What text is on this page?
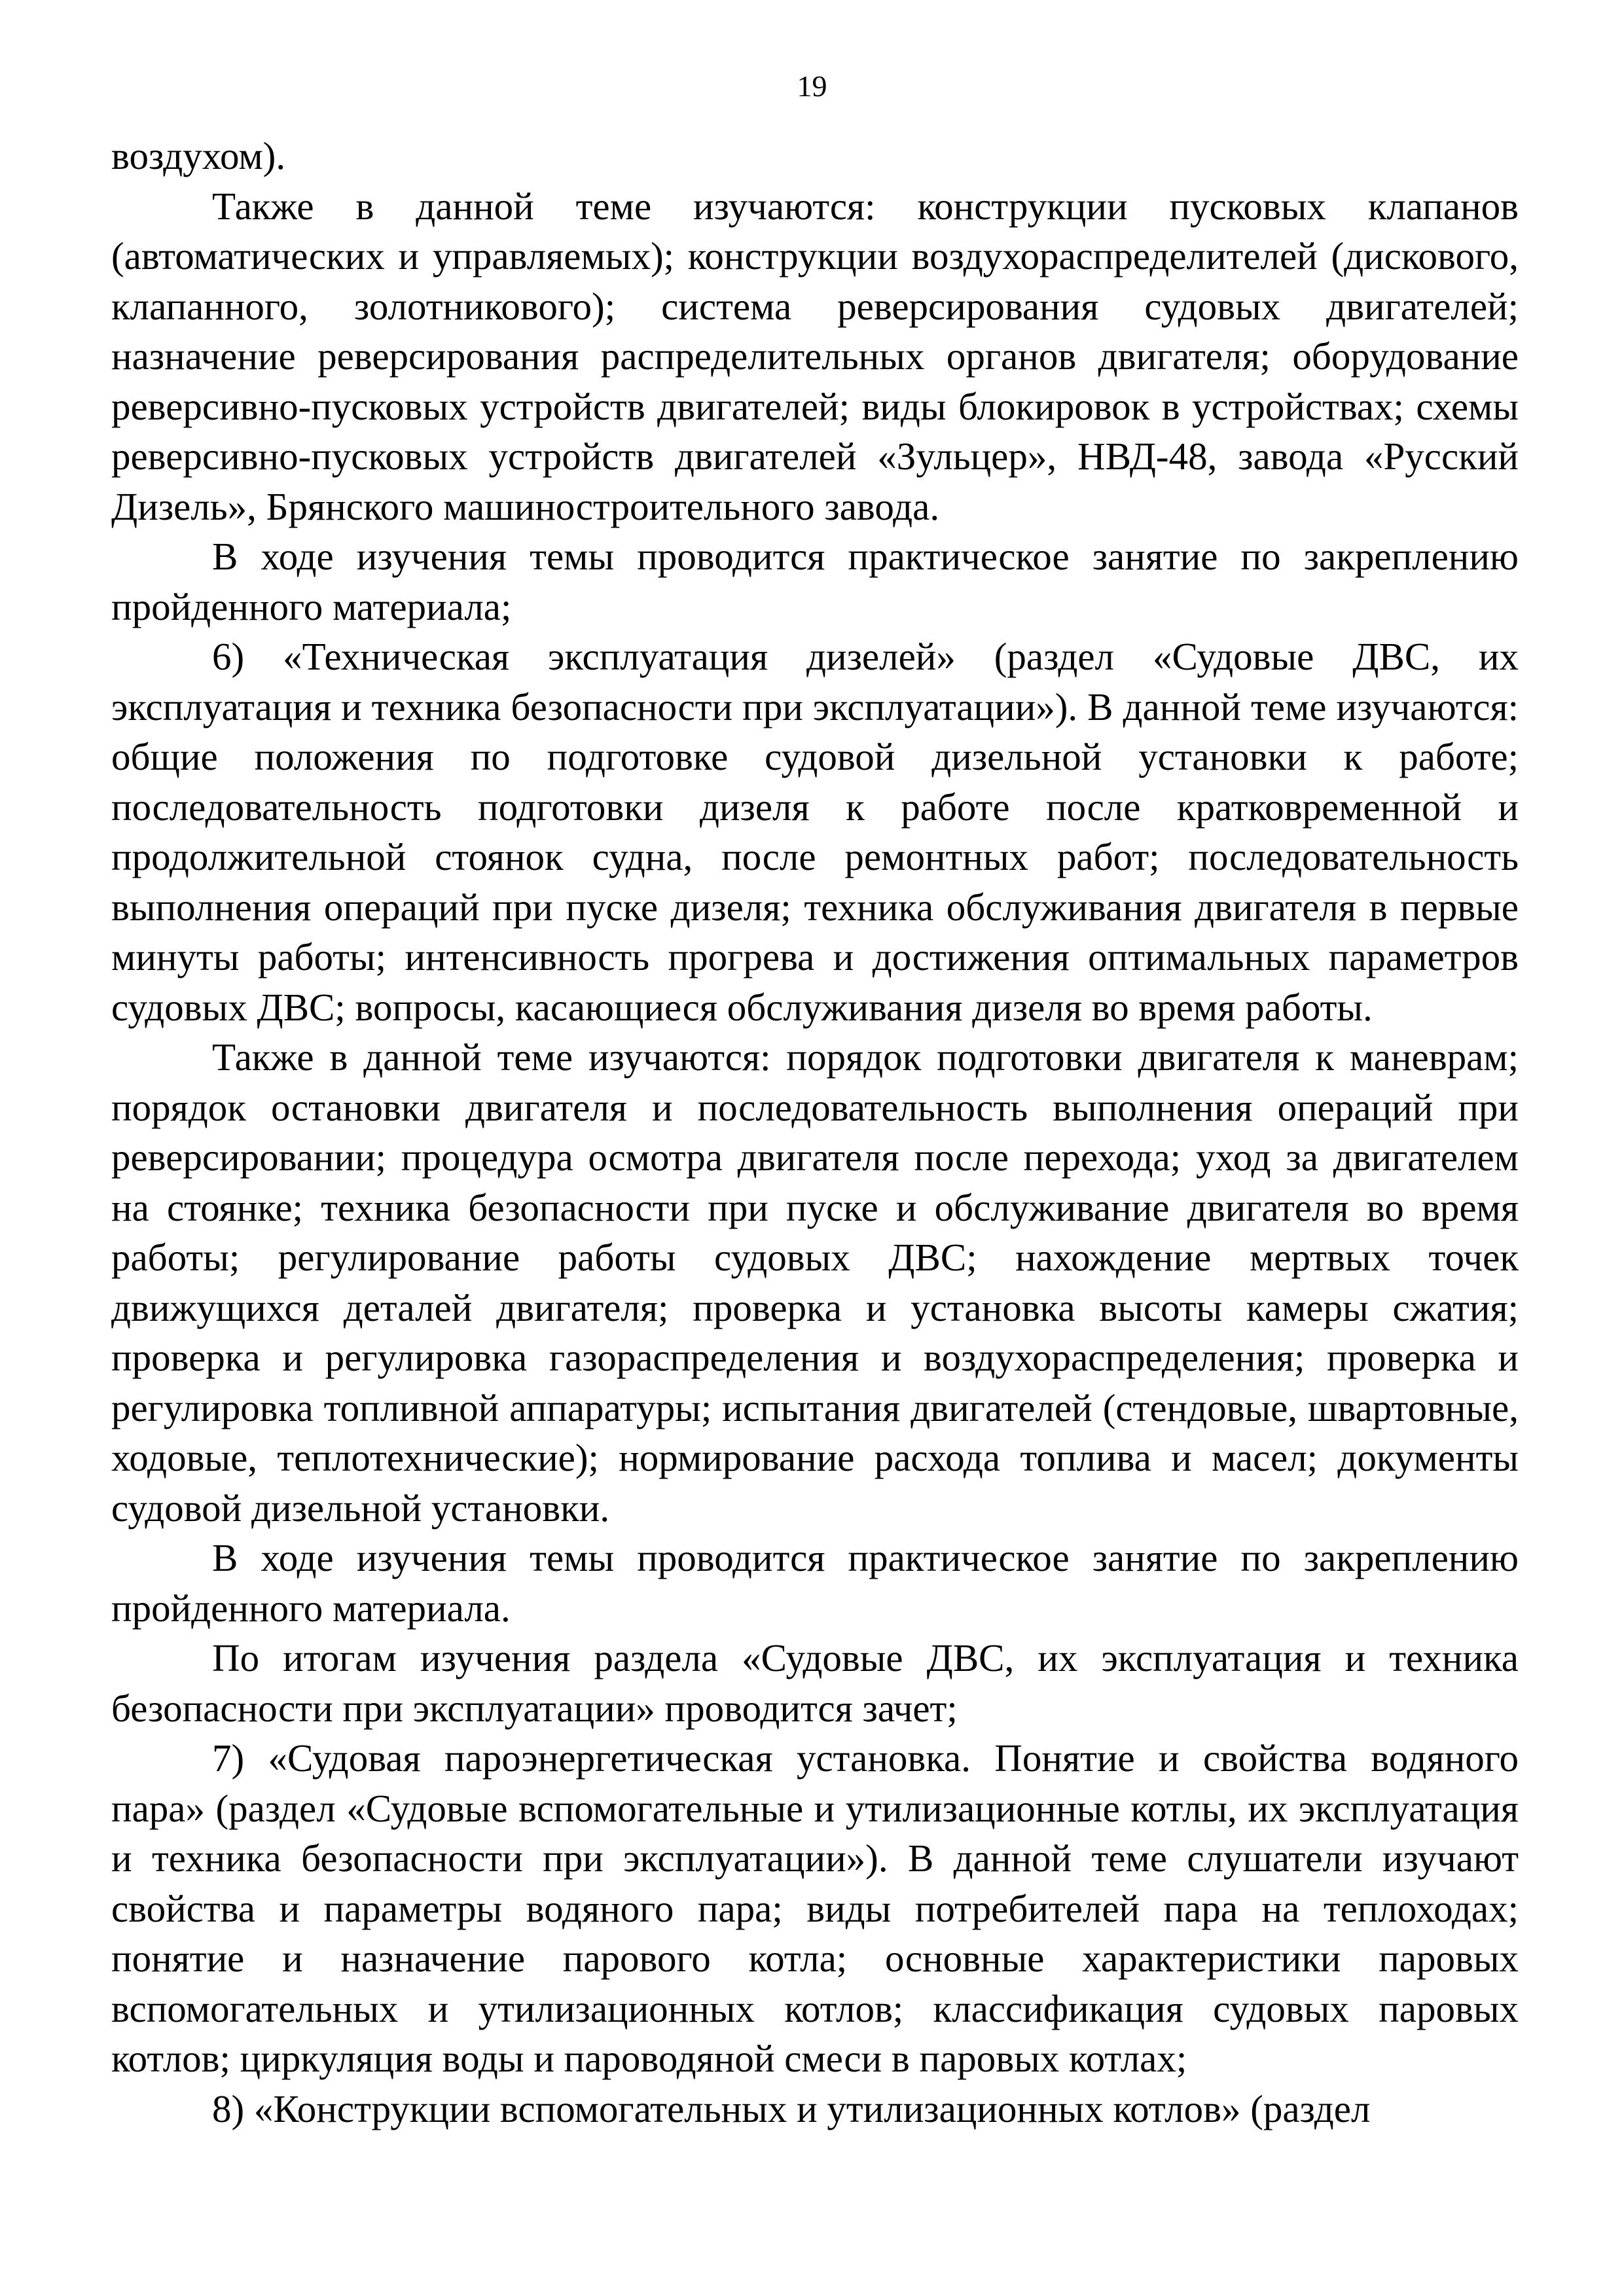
19

воздухом).

Также в данной теме изучаются: конструкции пусковых клапанов (автоматических и управляемых); конструкции воздухораспределителей (дискового, клапанного, золотникового); система реверсирования судовых двигателей; назначение реверсирования распределительных органов двигателя; оборудование реверсивно-пусковых устройств двигателей; виды блокировок в устройствах; схемы реверсивно-пусковых устройств двигателей «Зульцер», НВД-48, завода «Русский Дизель», Брянского машиностроительного завода.

В ходе изучения темы проводится практическое занятие по закреплению пройденного материала;

6) «Техническая эксплуатация дизелей» (раздел «Судовые ДВС, их эксплуатация и техника безопасности при эксплуатации»). В данной теме изучаются: общие положения по подготовке судовой дизельной установки к работе; последовательность подготовки дизеля к работе после кратковременной и продолжительной стоянок судна, после ремонтных работ; последовательность выполнения операций при пуске дизеля; техника обслуживания двигателя в первые минуты работы; интенсивность прогрева и достижения оптимальных параметров судовых ДВС; вопросы, касающиеся обслуживания дизеля во время работы.

Также в данной теме изучаются: порядок подготовки двигателя к маневрам; порядок остановки двигателя и последовательность выполнения операций при реверсировании; процедура осмотра двигателя после перехода; уход за двигателем на стоянке; техника безопасности при пуске и обслуживание двигателя во время работы; регулирование работы судовых ДВС; нахождение мертвых точек движущихся деталей двигателя; проверка и установка высоты камеры сжатия; проверка и регулировка газораспределения и воздухораспределения; проверка и регулировка топливной аппаратуры; испытания двигателей (стендовые, швартовные, ходовые, теплотехнические); нормирование расхода топлива и масел; документы судовой дизельной установки.

В ходе изучения темы проводится практическое занятие по закреплению пройденного материала.

По итогам изучения раздела «Судовые ДВС, их эксплуатация и техника безопасности при эксплуатации» проводится зачет;

7) «Судовая пароэнергетическая установка. Понятие и свойства водяного пара» (раздел «Судовые вспомогательные и утилизационные котлы, их эксплуатация и техника безопасности при эксплуатации»). В данной теме слушатели изучают свойства и параметры водяного пара; виды потребителей пара на теплоходах; понятие и назначение парового котла; основные характеристики паровых вспомогательных и утилизационных котлов; классификация судовых паровых котлов; циркуляция воды и пароводяной смеси в паровых котлах;

8) «Конструкции вспомогательных и утилизационных котлов» (раздел
